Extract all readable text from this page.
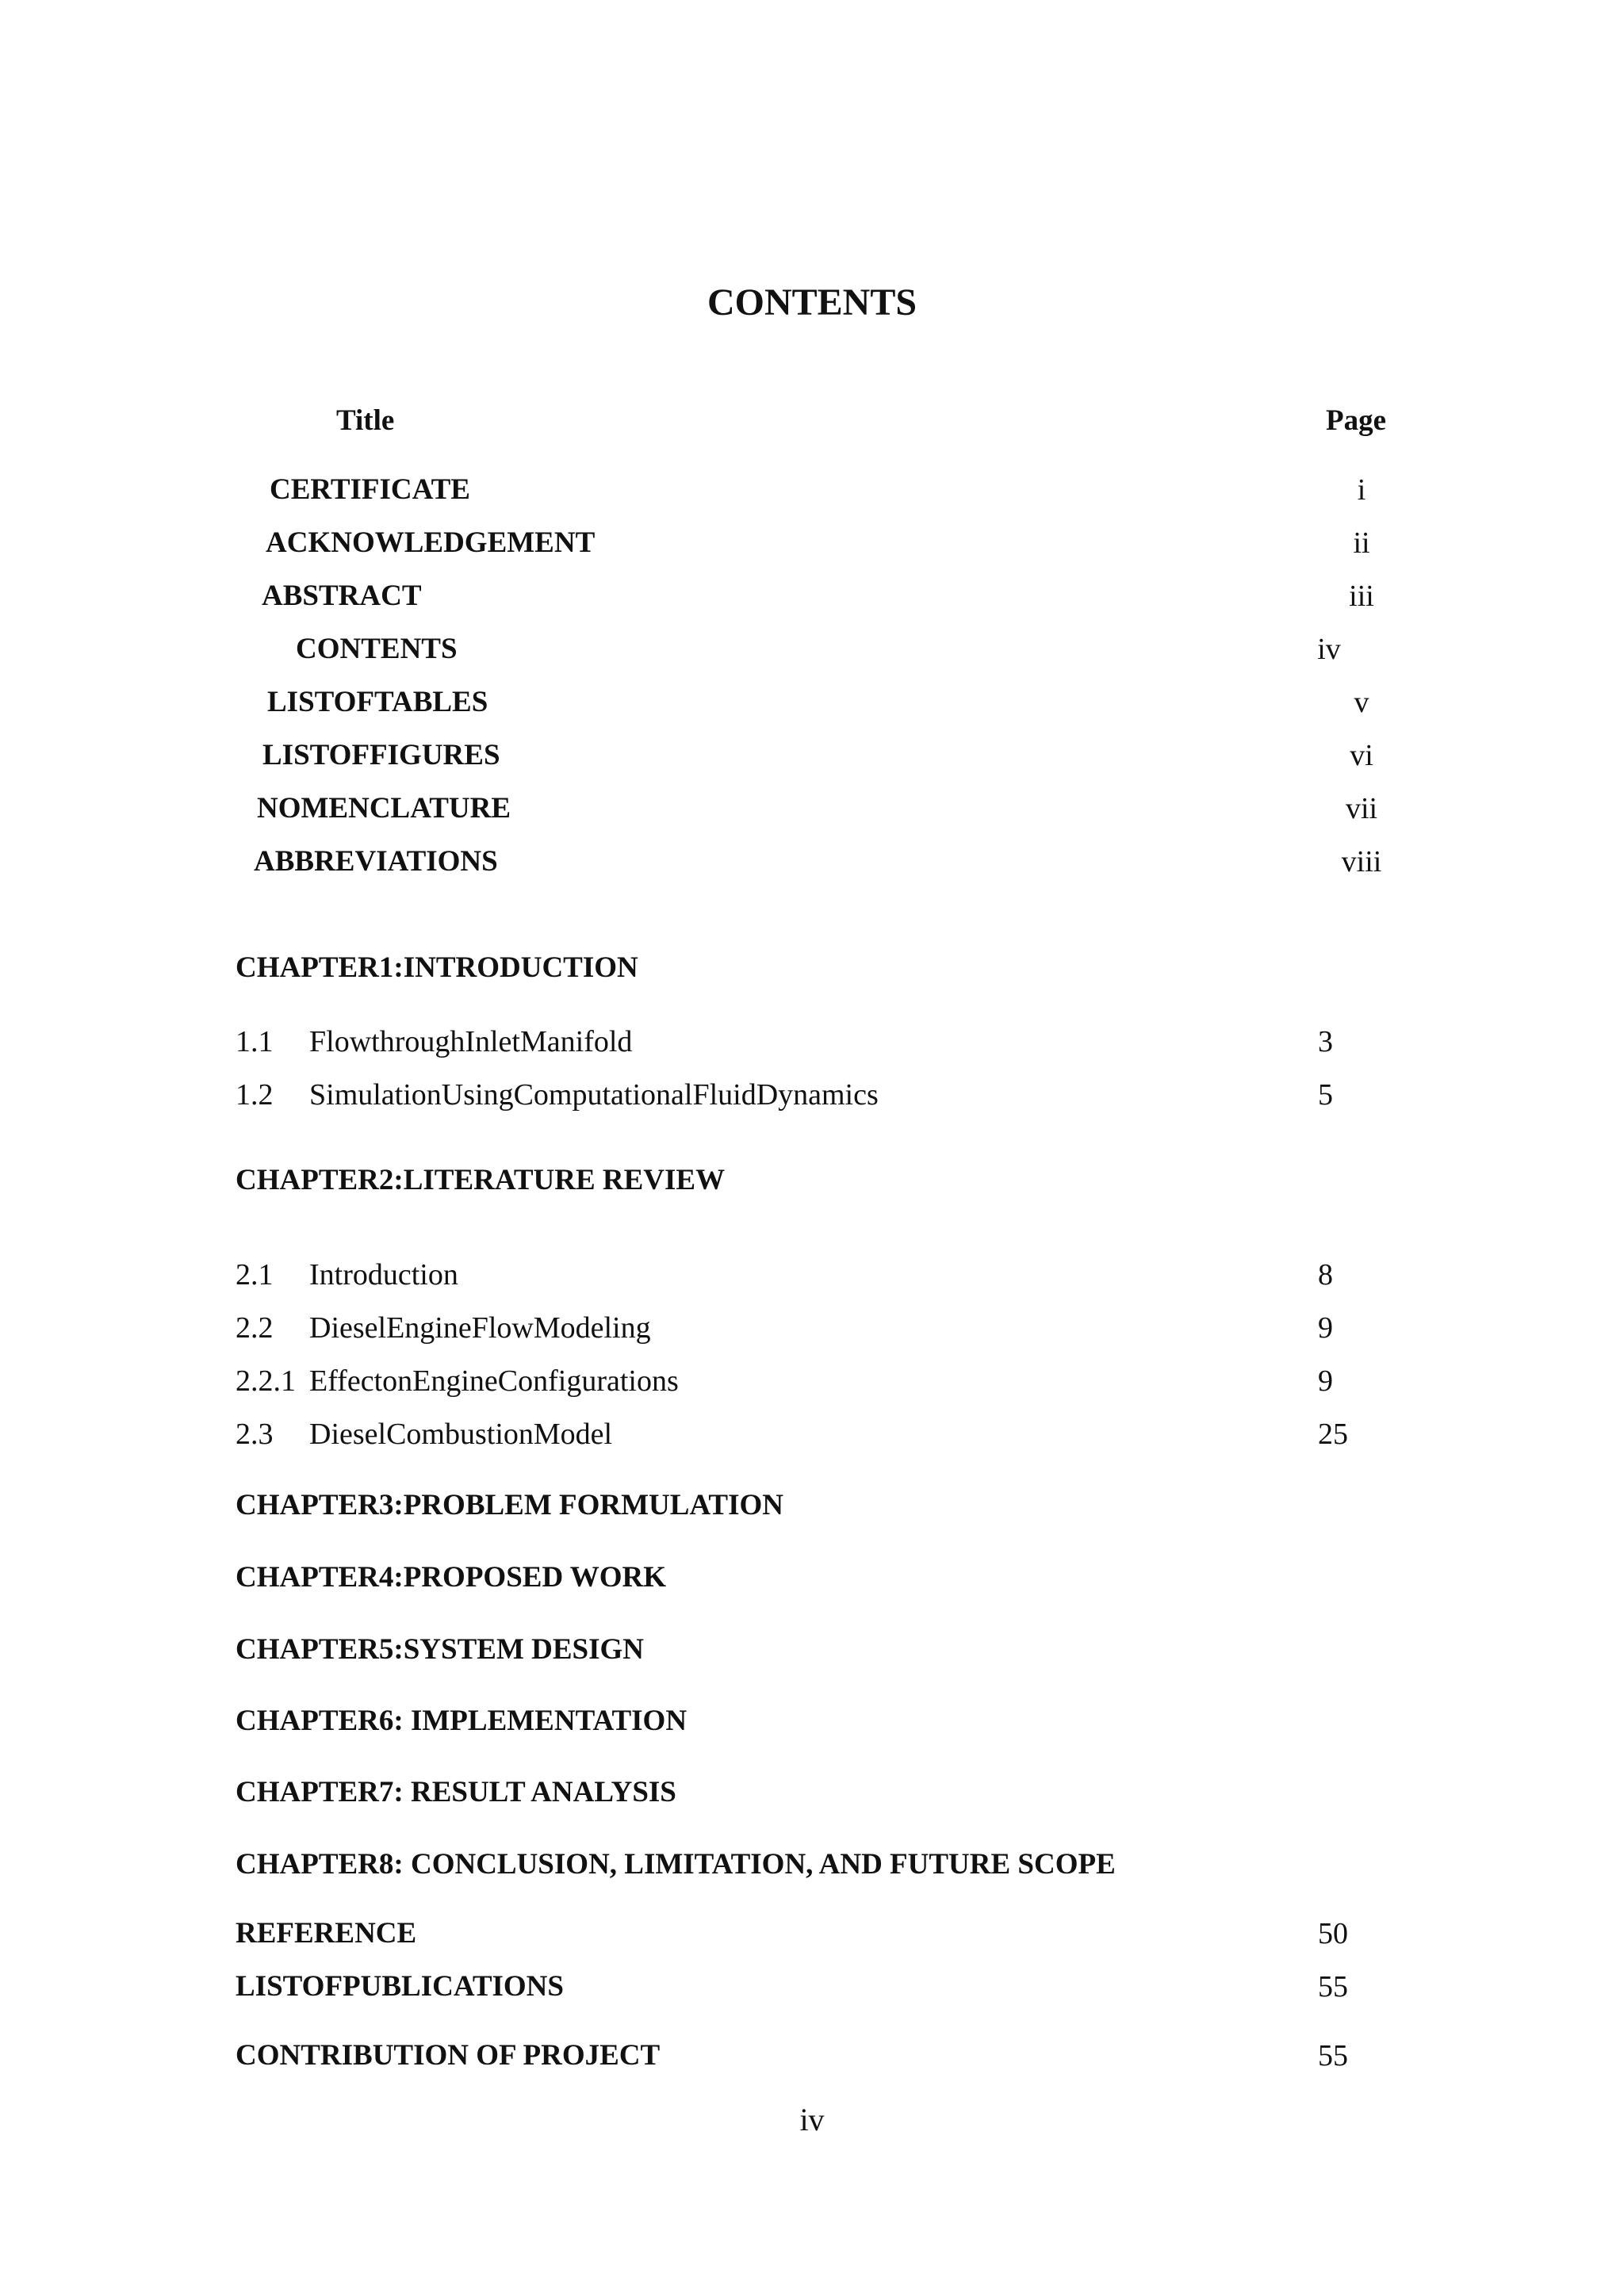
CONTENTS
Title	Page
CERTIFICATE	i
ACKNOWLEDGEMENT	ii
ABSTRACT	iii
CONTENTS	iv
LISTOFTABLES	v
LISTOFFIGURES	vi
NOMENCLATURE	vii
ABBREVIATIONS	viii
CHAPTER1:INTRODUCTION
1.1 FlowthroughInletManifold	3
1.2 SimulationUsingComputationalFluidDynamics	5
CHAPTER2:LITERATURE REVIEW
2.1 Introduction	8
2.2 DieselEngineFlowModeling	9
2.2.1 EffectonEngineConfigurations	9
2.3 DieselCombustionModel	25
CHAPTER3:PROBLEM FORMULATION
CHAPTER4:PROPOSED WORK
CHAPTER5:SYSTEM DESIGN
CHAPTER6: IMPLEMENTATION
CHAPTER7: RESULT ANALYSIS
CHAPTER8: CONCLUSION, LIMITATION, AND FUTURE SCOPE
REFERENCE	50
LISTOFPUBLICATIONS	55
CONTRIBUTION OF PROJECT	55
iv
